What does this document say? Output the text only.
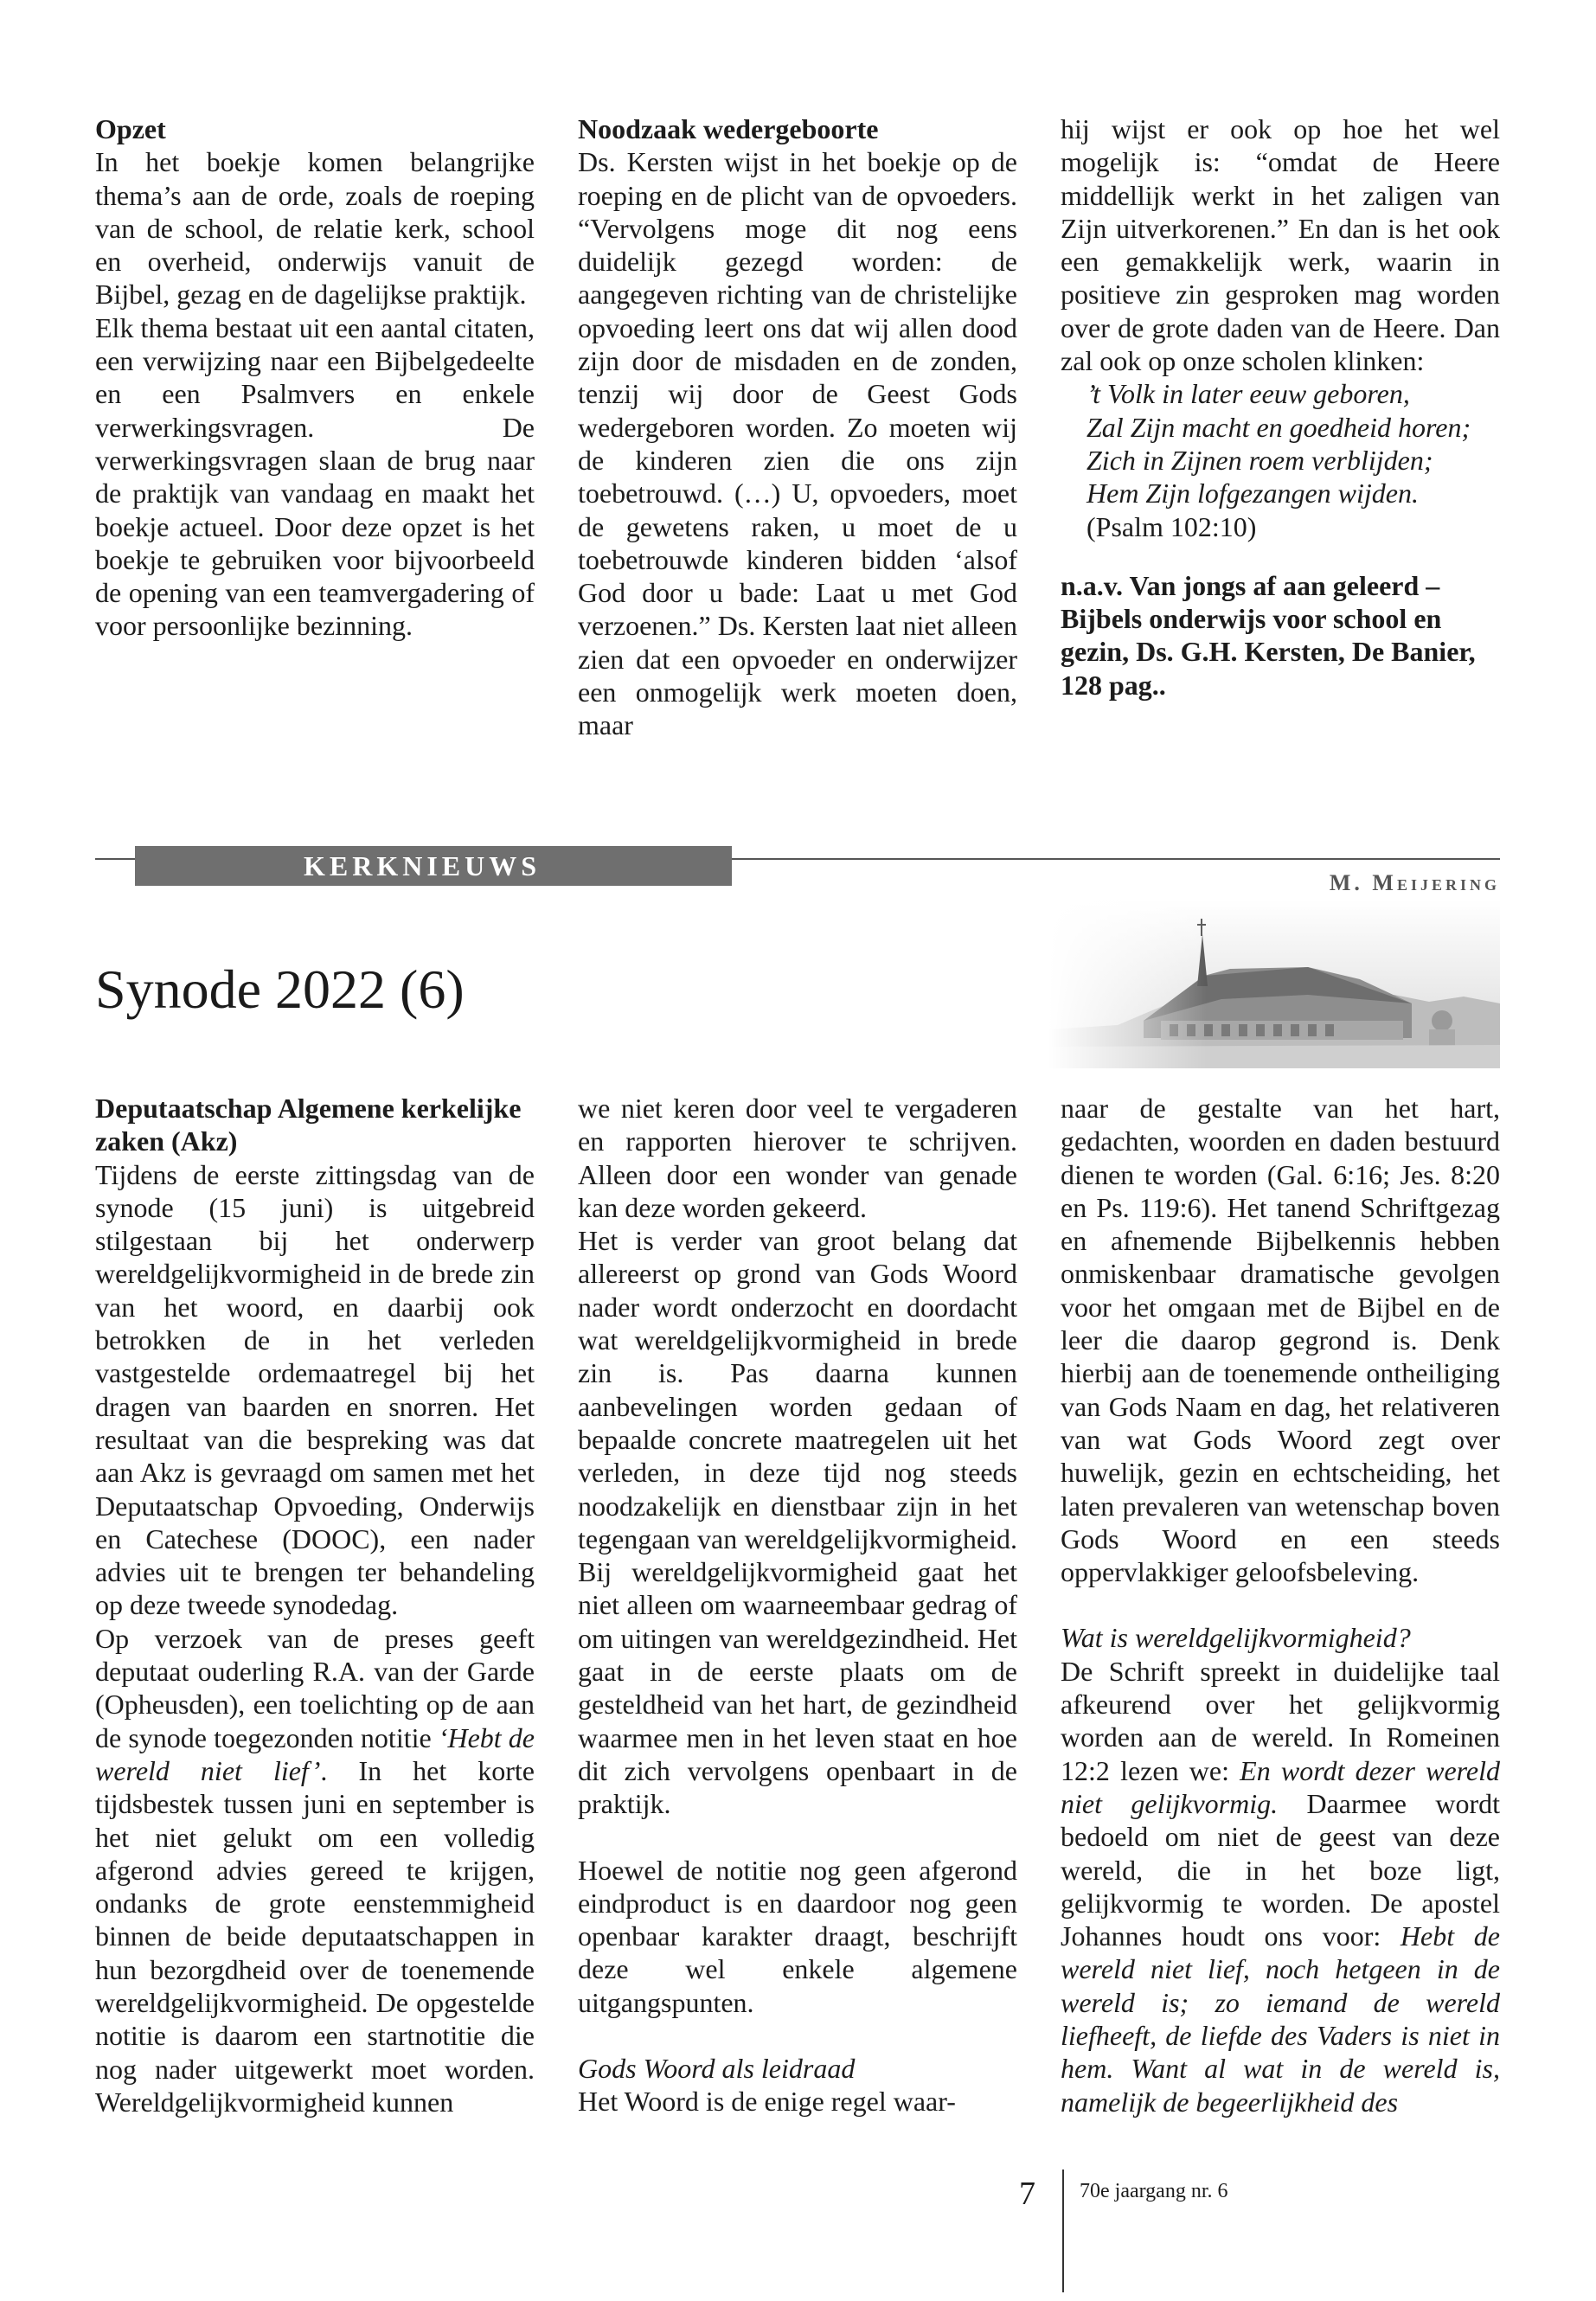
Opzet

In het boekje komen belangrijke thema’s aan de orde, zoals de roeping van de school, de relatie kerk, school en overheid, onderwijs vanuit de Bijbel, gezag en de dagelijkse praktijk.

Elk thema bestaat uit een aantal citaten, een verwijzing naar een Bijbelgedeelte en een Psalmvers en enkele verwerkingsvragen. De verwerkingsvragen slaan de brug naar de praktijk van vandaag en maakt het boekje actueel. Door deze opzet is het boekje te gebruiken voor bijvoorbeeld de opening van een teamvergadering of voor persoonlijke bezinning.

Noodzaak wedergeboorte

Ds. Kersten wijst in het boekje op de roeping en de plicht van de opvoeders. “Vervolgens moge dit nog eens duidelijk gezegd worden: de aangegeven richting van de christelijke opvoeding leert ons dat wij allen dood zijn door de misdaden en de zonden, tenzij wij door de Geest Gods wedergeboren worden. Zo moeten wij de kinderen zien die ons zijn toebetrouwd. (…) U, opvoeders, moet de gewetens raken, u moet de u toebetrouwde kinderen bidden ‘alsof God door u bade: Laat u met God verzoenen.” Ds. Kersten laat niet alleen zien dat een opvoeder en onderwijzer een onmogelijk werk moeten doen, maar

hij wijst er ook op hoe het wel mogelijk is: “omdat de Heere middellijk werkt in het zaligen van Zijn uitverkorenen.” En dan is het ook een gemakkelijk werk, waarin in positieve zin gesproken mag worden over de grote daden van de Heere. Dan zal ook op onze scholen klinken:

’t Volk in later eeuw geboren,

Zal Zijn macht en goedheid horen;

Zich in Zijnen roem verblijden;

Hem Zijn lofgezangen wijden.

(Psalm 102:10)

n.a.v. Van jongs af aan geleerd – Bijbels onderwijs voor school en gezin, Ds. G.H. Kersten, De Banier, 128 pag..

KERKNIEUWS
M. Meijering
Synode 2022 (6)

Deputaatschap Algemene kerkelijke zaken (Akz)

Tijdens de eerste zittingsdag van de synode (15 juni) is uitgebreid stilgestaan bij het onderwerp wereldgelijkvormigheid in de brede zin van het woord, en daarbij ook betrokken de in het verleden vastgestelde ordemaatregel bij het dragen van baarden en snorren. Het resultaat van die bespreking was dat aan Akz is gevraagd om samen met het Deputaatschap Opvoeding, Onderwijs en Catechese (DOOC), een nader advies uit te brengen ter behandeling op deze tweede synodedag.

Op verzoek van de preses geeft deputaat ouderling R.A. van der Garde (Opheusden), een toelichting op de aan de synode toegezonden notitie ‘Hebt de wereld niet lief’. In het korte tijdsbestek tussen juni en september is het niet gelukt om een volledig afgerond advies gereed te krijgen, ondanks de grote eenstemmigheid binnen de beide deputaatschappen in hun bezorgdheid over de toenemende wereldgelijkvormigheid. De opgestelde notitie is daarom een startnotitie die nog nader uitgewerkt moet worden. Wereldgelijkvormigheid kunnen

we niet keren door veel te vergaderen en rapporten hierover te schrijven. Alleen door een wonder van genade kan deze worden gekeerd.

Het is verder van groot belang dat allereerst op grond van Gods Woord nader wordt onderzocht en doordacht wat wereldgelijkvormigheid in brede zin is. Pas daarna kunnen aanbevelingen worden gedaan of bepaalde concrete maatregelen uit het verleden, in deze tijd nog steeds noodzakelijk en dienstbaar zijn in het tegengaan van wereldgelijkvormigheid. Bij wereldgelijkvormigheid gaat het niet alleen om waarneembaar gedrag of om uitingen van wereldgezindheid. Het gaat in de eerste plaats om de gesteldheid van het hart, de gezindheid waarmee men in het leven staat en hoe dit zich vervolgens openbaart in de praktijk.

Hoewel de notitie nog geen afgerond eindproduct is en daardoor nog geen openbaar karakter draagt, beschrijft deze wel enkele algemene uitgangspunten.

Gods Woord als leidraad

Het Woord is de enige regel waar-

naar de gestalte van het hart, gedachten, woorden en daden bestuurd dienen te worden (Gal. 6:16; Jes. 8:20 en Ps. 119:6). Het tanend Schriftgezag en afnemende Bijbelkennis hebben onmiskenbaar dramatische gevolgen voor het omgaan met de Bijbel en de leer die daarop gegrond is. Denk hierbij aan de toenemende ontheiliging van Gods Naam en dag, het relativeren van wat Gods Woord zegt over huwelijk, gezin en echtscheiding, het laten prevaleren van wetenschap boven Gods Woord en een steeds oppervlakkiger geloofsbeleving.

Wat is wereldgelijkvormigheid?

De Schrift spreekt in duidelijke taal afkeurend over het gelijkvormig worden aan de wereld. In Romeinen 12:2 lezen we: En wordt dezer wereld niet gelijkvormig. Daarmee wordt bedoeld om niet de geest van deze wereld, die in het boze ligt, gelijkvormig te worden. De apostel Johannes houdt ons voor: Hebt de wereld niet lief, noch hetgeen in de wereld is; zo iemand de wereld liefheeft, de liefde des Vaders is niet in hem. Want al wat in de wereld is, namelijk de begeerlijkheid des

7 70e jaargang nr. 6
